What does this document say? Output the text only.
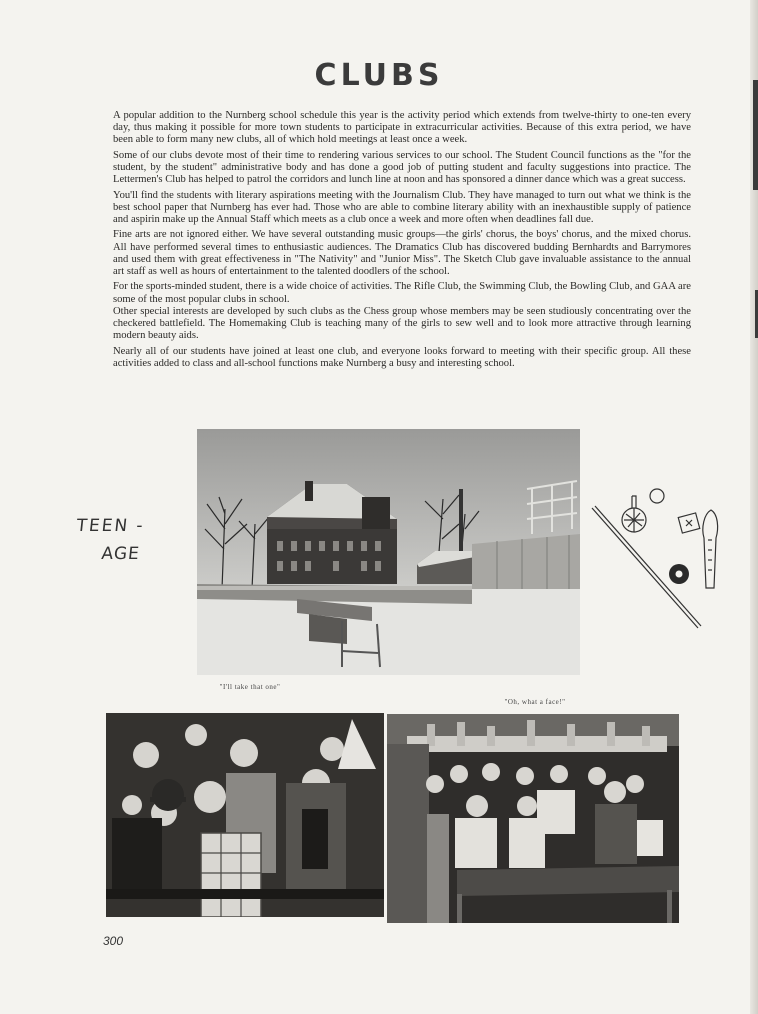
CLUBS

A popular addition to the Nurnberg school schedule this year is the activity period which extends from twelve-thirty to one-ten every day, thus making it possible for more town students to participate in extracurricular activities. Because of this extra period, we have been able to form many new clubs, all of which hold meetings at least once a week.

Some of our clubs devote most of their time to rendering various services to our school. The Student Council functions as the "for the student, by the student" administrative body and has done a good job of putting student and faculty suggestions into practice. The Lettermen's Club has helped to patrol the corridors and lunch line at noon and has sponsored a dinner dance which was a great success.

You'll find the students with literary aspirations meeting with the Journalism Club. They have managed to turn out what we think is the best school paper that Nurnberg has ever had. Those who are able to combine literary ability with an inexhaustible supply of patience and aspirin make up the Annual Staff which meets as a club once a week and more often when deadlines fall due.

Fine arts are not ignored either. We have several outstanding music groups—the girls' chorus, the boys' chorus, and the mixed chorus. All have performed several times to enthusiastic audiences. The Dramatics Club has discovered budding Bernhardts and Barrymores and used them with great effectiveness in "The Nativity" and "Junior Miss". The Sketch Club gave invaluable assistance to the annual art staff as well as hours of entertainment to the talented doodlers of the school.

For the sports-minded student, there is a wide choice of activities. The Rifle Club, the Swimming Club, the Bowling Club, and GAA are some of the most popular clubs in school.

Other special interests are developed by such clubs as the Chess group whose members may be seen studiously concentrating over the checkered battlefield. The Homemaking Club is teaching many of the girls to sew well and to look more attractive through learning modern beauty aids.

Nearly all of our students have joined at least one club, and everyone looks forward to meeting with their specific group. All these activities added to class and all-school functions make Nurnberg a busy and interesting school.

TEEN -
AGE
"I'll take that one"
"Oh, what a face!"
300
